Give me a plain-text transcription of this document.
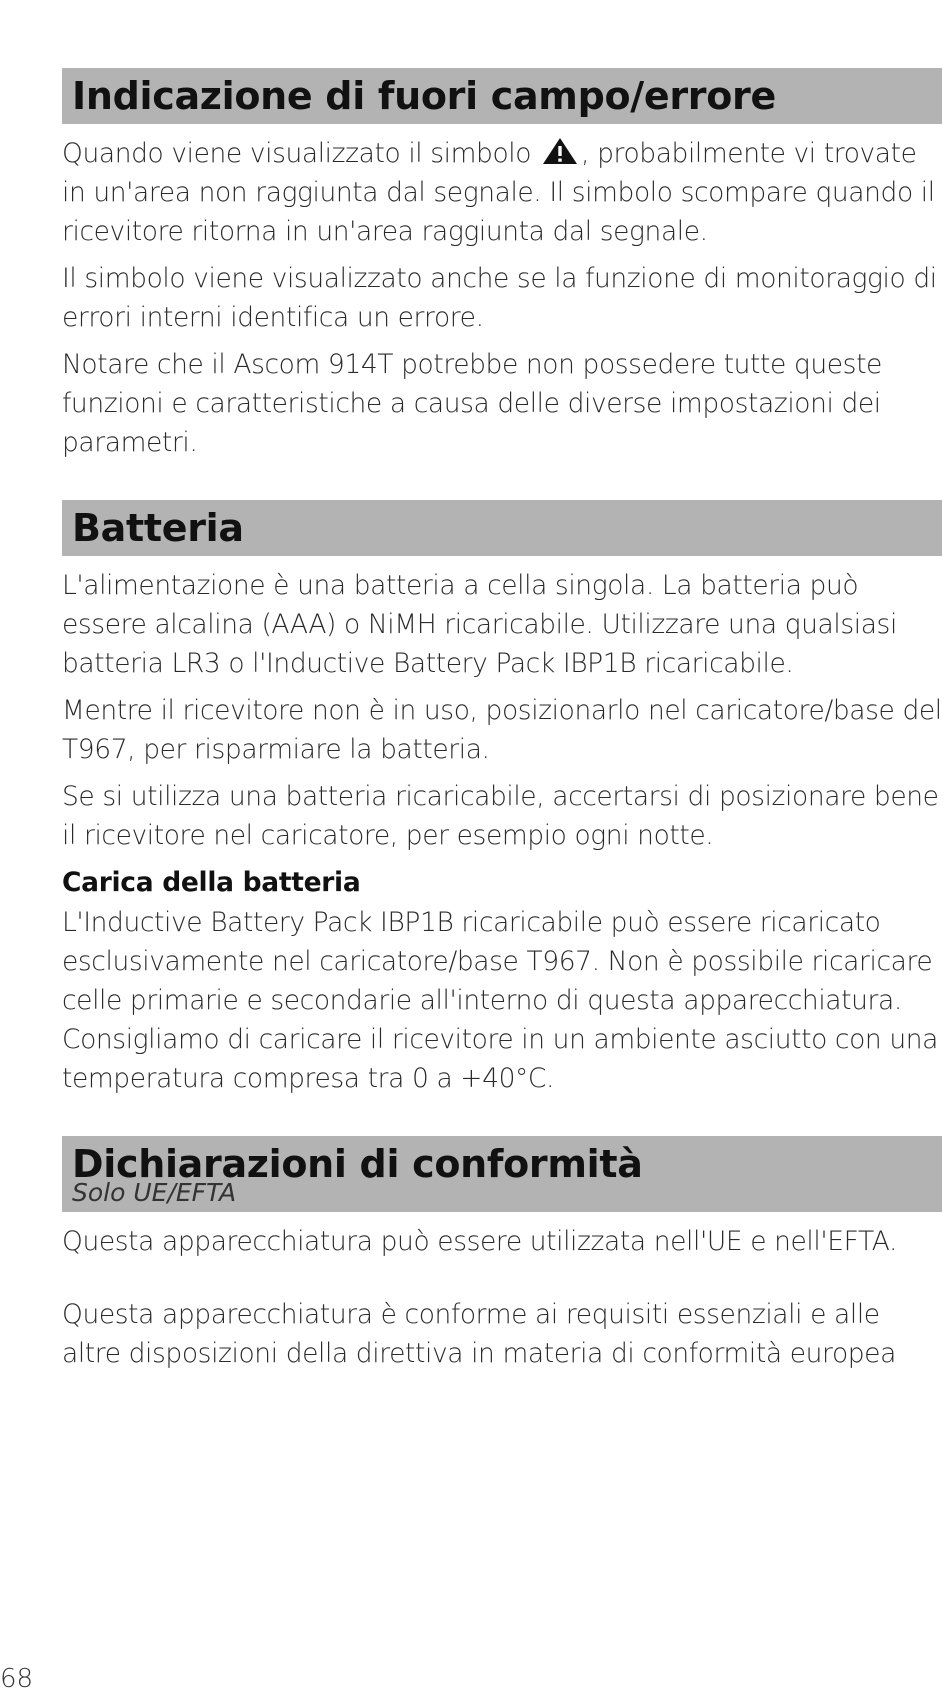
Indicazione di fuori campo/errore

Quando viene visualizzato il simbolo , probabilmente vi trovate in un'area non raggiunta dal segnale. Il simbolo scompare quando il ricevitore ritorna in un'area raggiunta dal segnale.

Il simbolo viene visualizzato anche se la funzione di monitoraggio di errori interni identifica un errore.

Notare che il Ascom 914T potrebbe non possedere tutte queste funzioni e caratteristiche a causa delle diverse impostazioni dei parametri.

Batteria

L'alimentazione è una batteria a cella singola. La batteria può essere alcalina (AAA) o NiMH ricaricabile. Utilizzare una qualsiasi batteria LR3 o l'Inductive Battery Pack IBP1B ricaricabile.

Mentre il ricevitore non è in uso, posizionarlo nel caricatore/base del T967, per risparmiare la batteria.

Se si utilizza una batteria ricaricabile, accertarsi di posizionare bene il ricevitore nel caricatore, per esempio ogni notte.

Carica della batteria

L'Inductive Battery Pack IBP1B ricaricabile può essere ricaricato esclusivamente nel caricatore/base T967. Non è possibile ricaricare celle primarie e secondarie all'interno di questa apparecchiatura. Consigliamo di caricare il ricevitore in un ambiente asciutto con una temperatura compresa tra 0 a +40°C.

Dichiarazioni di conformità
Solo UE/EFTA

Questa apparecchiatura può essere utilizzata nell'UE e nell'EFTA.

Questa apparecchiatura è conforme ai requisiti essenziali e alle altre disposizioni della direttiva in materia di conformità europea

68
